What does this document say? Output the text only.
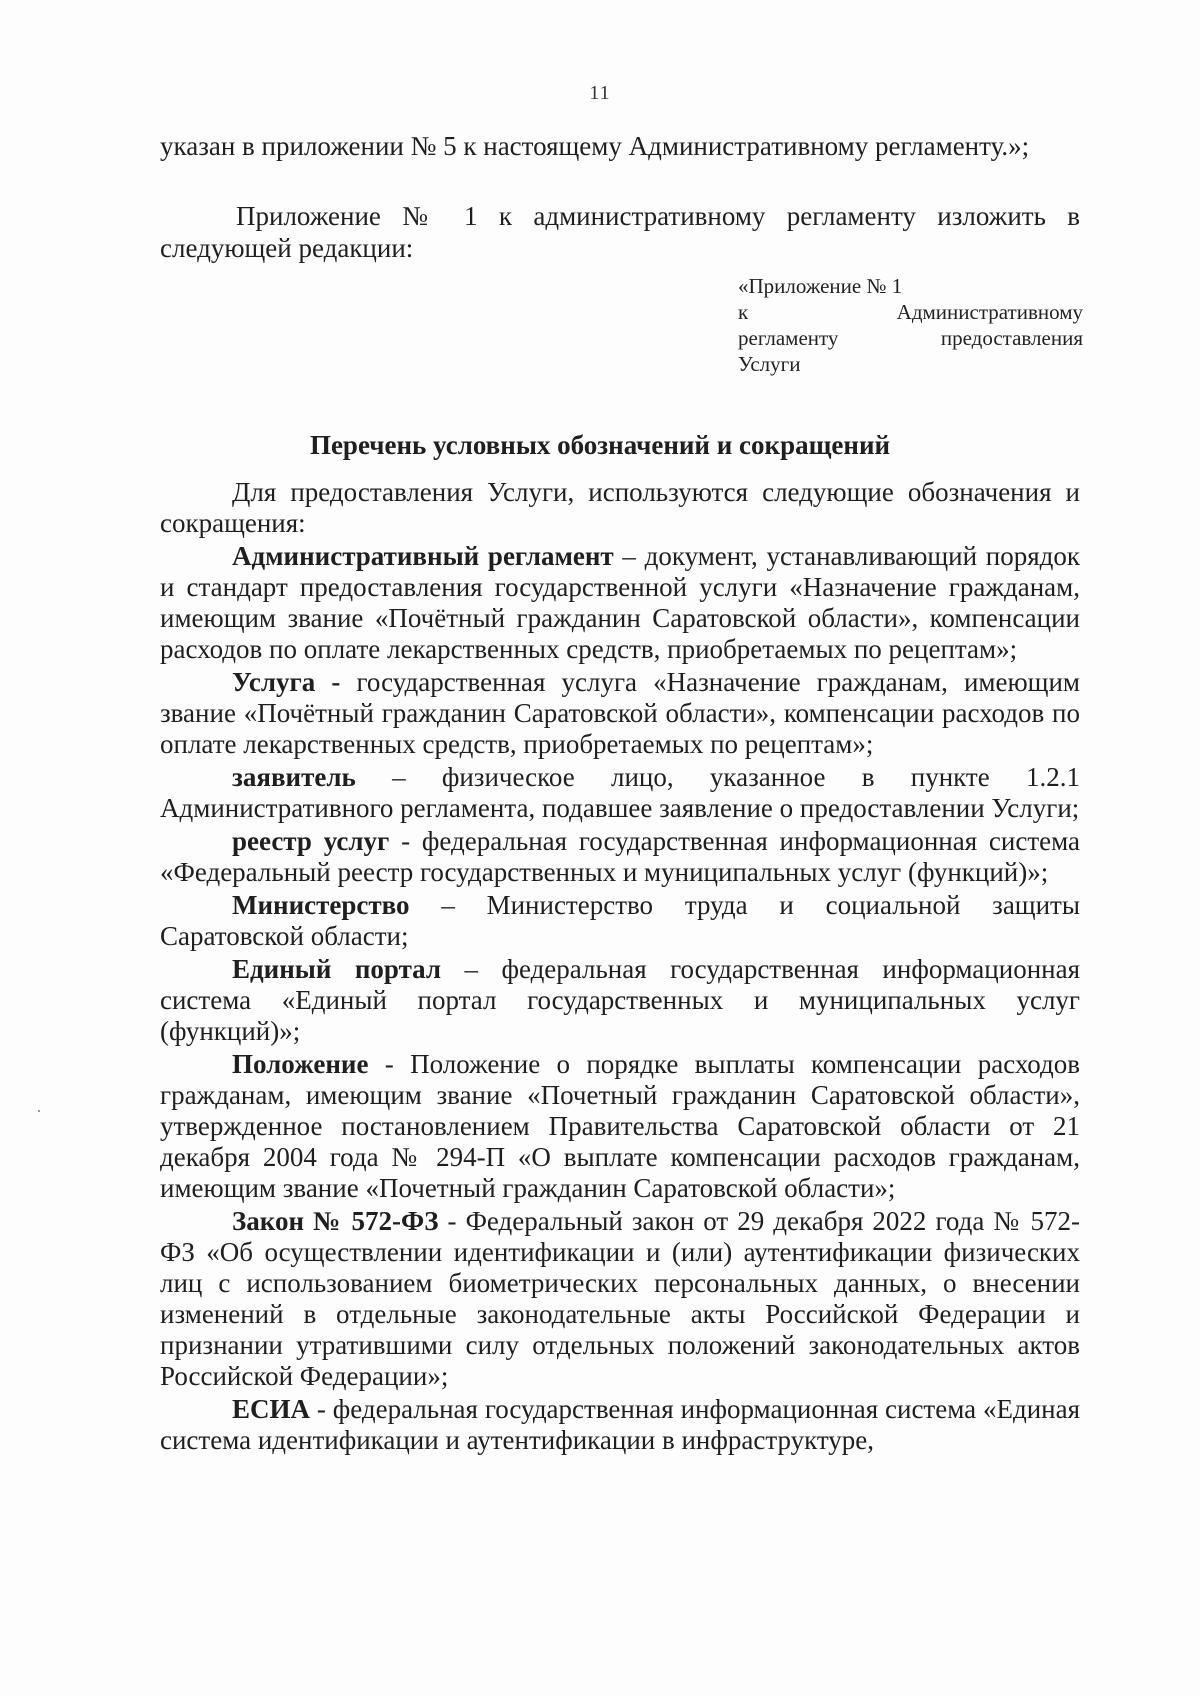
11
указан в приложении № 5 к настоящему Административному регламенту.»;
Приложение № 1 к административному регламенту изложить в следующей редакции:
«Приложение № 1
к Административному
регламенту предоставления
Услуги
Перечень условных обозначений и сокращений

Для предоставления Услуги, используются следующие обозначения и сокращения:

Административный регламент – документ, устанавливающий порядок и стандарт предоставления государственной услуги «Назначение гражданам, имеющим звание «Почётный гражданин Саратовской области», компенсации расходов по оплате лекарственных средств, приобретаемых по рецептам»;

Услуга - государственная услуга «Назначение гражданам, имеющим звание «Почётный гражданин Саратовской области», компенсации расходов по оплате лекарственных средств, приобретаемых по рецептам»;

заявитель – физическое лицо, указанное в пункте 1.2.1 Административного регламента, подавшее заявление о предоставлении Услуги;

реестр услуг - федеральная государственная информационная система «Федеральный реестр государственных и муниципальных услуг (функций)»;

Министерство – Министерство труда и социальной защиты Саратовской области;

Единый портал – федеральная государственная информационная система «Единый портал государственных и муниципальных услуг (функций)»;

Положение - Положение о порядке выплаты компенсации расходов гражданам, имеющим звание «Почетный гражданин Саратовской области», утвержденное постановлением Правительства Саратовской области от 21 декабря 2004 года № 294-П «О выплате компенсации расходов гражданам, имеющим звание «Почетный гражданин Саратовской области»;

Закон № 572-ФЗ - Федеральный закон от 29 декабря 2022 года № 572-ФЗ «Об осуществлении идентификации и (или) аутентификации физических лиц с использованием биометрических персональных данных, о внесении изменений в отдельные законодательные акты Российской Федерации и признании утратившими силу отдельных положений законодательных актов Российской Федерации»;

ЕСИА - федеральная государственная информационная система «Единая система идентификации и аутентификации в инфраструктуре,
